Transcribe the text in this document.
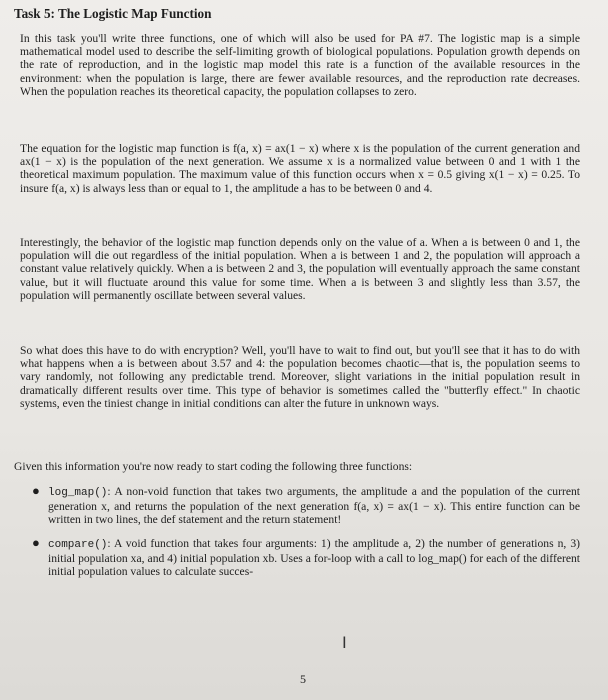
Task 5: The Logistic Map Function

In this task you'll write three functions, one of which will also be used for PA #7. The logistic map is a simple mathematical model used to describe the self-limiting growth of biological populations. Population growth depends on the rate of reproduction, and in the logistic map model this rate is a function of the available resources in the environment: when the population is large, there are fewer available resources, and the reproduction rate decreases. When the population reaches its theoretical capacity, the population collapses to zero.

The equation for the logistic map function is f(a, x) = ax(1 − x) where x is the population of the current generation and ax(1 − x) is the population of the next generation. We assume x is a normalized value between 0 and 1 with 1 the theoretical maximum population. The maximum value of this function occurs when x = 0.5 giving x(1 − x) = 0.25. To insure f(a, x) is always less than or equal to 1, the amplitude a has to be between 0 and 4.

Interestingly, the behavior of the logistic map function depends only on the value of a. When a is between 0 and 1, the population will die out regardless of the initial population. When a is between 1 and 2, the population will approach a constant value relatively quickly. When a is between 2 and 3, the population will eventually approach the same constant value, but it will fluctuate around this value for some time. When a is between 3 and slightly less than 3.57, the population will permanently oscillate between several values.

So what does this have to do with encryption? Well, you'll have to wait to find out, but you'll see that it has to do with what happens when a is between about 3.57 and 4: the population becomes chaotic—that is, the population seems to vary randomly, not following any predictable trend. Moreover, slight variations in the initial population result in dramatically different results over time. This type of behavior is sometimes called the "butterfly effect." In chaotic systems, even the tiniest change in initial conditions can alter the future in unknown ways.

Given this information you're now ready to start coding the following three functions:

● log_map(): A non-void function that takes two arguments, the amplitude a and the population of the current generation x, and returns the population of the next generation f(a, x) = ax(1 − x). This entire function can be written in two lines, the def statement and the return statement!
● compare(): A void function that takes four arguments: 1) the amplitude a, 2) the number of generations n, 3) initial population xa, and 4) initial population xb. Uses a for-loop with a call to log_map() for each of the different initial population values to calculate succes-
I
5
